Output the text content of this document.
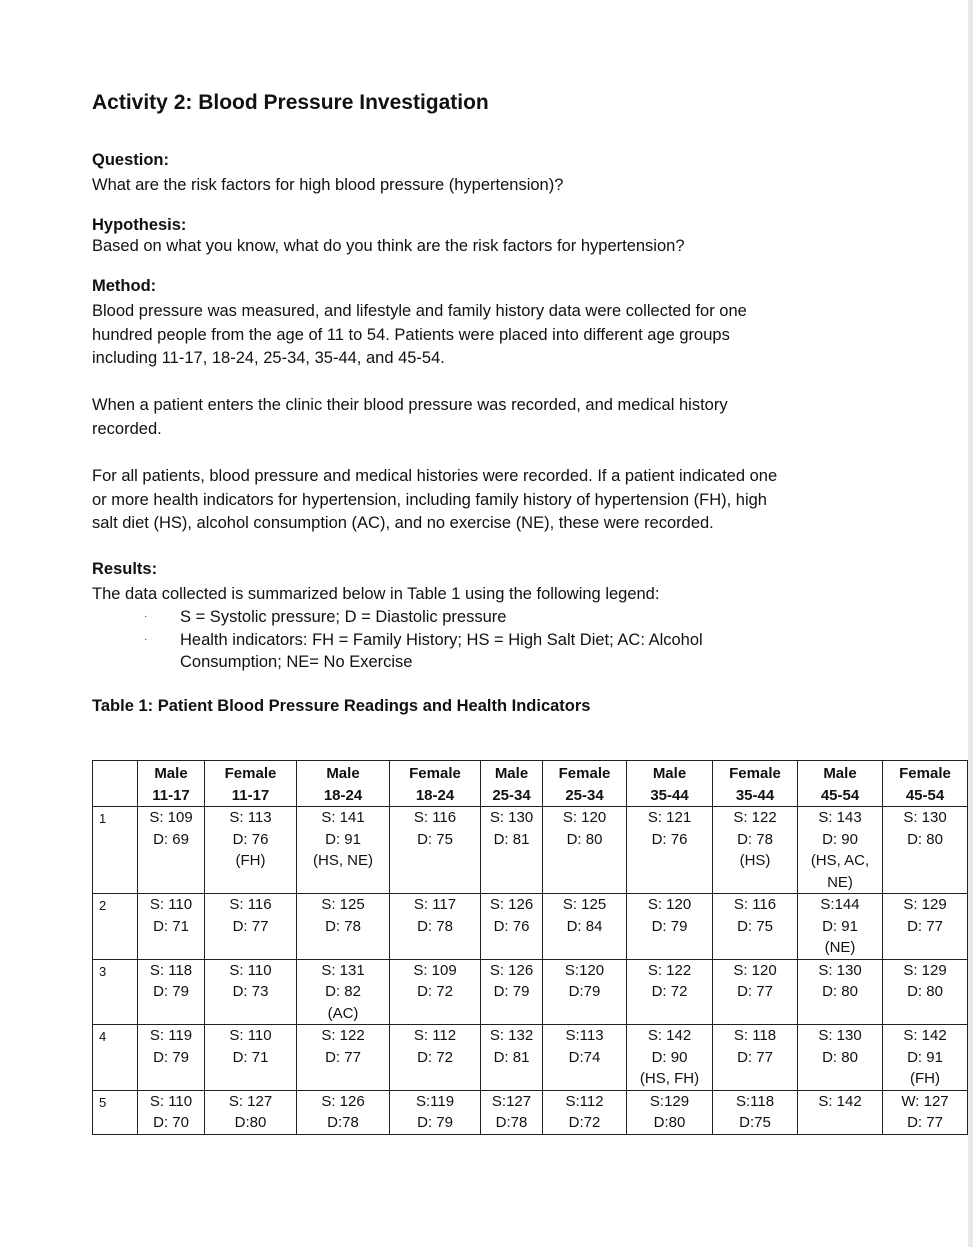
Activity 2: Blood Pressure Investigation

Question:

What are the risk factors for high blood pressure (hypertension)?

Hypothesis:

Based on what you know, what do you think are the risk factors for hypertension?

Method:

Blood pressure was measured, and lifestyle and family history data were collected for one
hundred people from the age of 11 to 54. Patients were placed into different age groups
including 11-17, 18-24, 25-34, 35-44, and 45-54.

When a patient enters the clinic their blood pressure was recorded, and medical history
recorded.

For all patients, blood pressure and medical histories were recorded. If a patient indicated one
or more health indicators for hypertension, including family history of hypertension (FH), high
salt diet (HS), alcohol consumption (AC), and no exercise (NE), these were recorded.

Results:

The data collected is summarized below in Table 1 using the following legend:

· S = Systolic pressure; D = Diastolic pressure
· Health indicators: FH = Family History; HS = High Salt Diet; AC: Alcohol
Consumption; NE= No Exercise
Table 1: Patient Blood Pressure Readings and Health Indicators

	Male
11-17	Female
11-17	Male
18-24	Female
18-24	Male
25-34	Female
25-34	Male
35-44	Female
35-44	Male
45-54	Female
45-54

1	S: 109
D: 69	S: 113
D: 76
(FH)	S: 141
D: 91
(HS, NE)	S: 116
D: 75	S: 130
D: 81	S: 120
D: 80	S: 121
D: 76	S: 122
D: 78
(HS)	S: 143
D: 90
(HS, AC,
NE)	S: 130
D: 80

2	S: 110
D: 71	S: 116
D: 77	S: 125
D: 78	S: 117
D: 78	S: 126
D: 76	S: 125
D: 84	S: 120
D: 79	S: 116
D: 75	S:144
D: 91
(NE)	S: 129
D: 77

3	S: 118
D: 79	S: 110
D: 73	S: 131
D: 82
(AC)	S: 109
D: 72	S: 126
D: 79	S:120
D:79	S: 122
D: 72	S: 120
D: 77	S: 130
D: 80	S: 129
D: 80

4	S: 119
D: 79	S: 110
D: 71	S: 122
D: 77	S: 112
D: 72	S: 132
D: 81	S:113
D:74	S: 142
D: 90
(HS, FH)	S: 118
D: 77	S: 130
D: 80	S: 142
D: 91
(FH)

5	S: 110
D: 70	S: 127
D:80	S: 126
D:78	S:119
D: 79	S:127
D:78	S:112
D:72	S:129
D:80	S:118
D:75	S: 142	W: 127
D: 77
